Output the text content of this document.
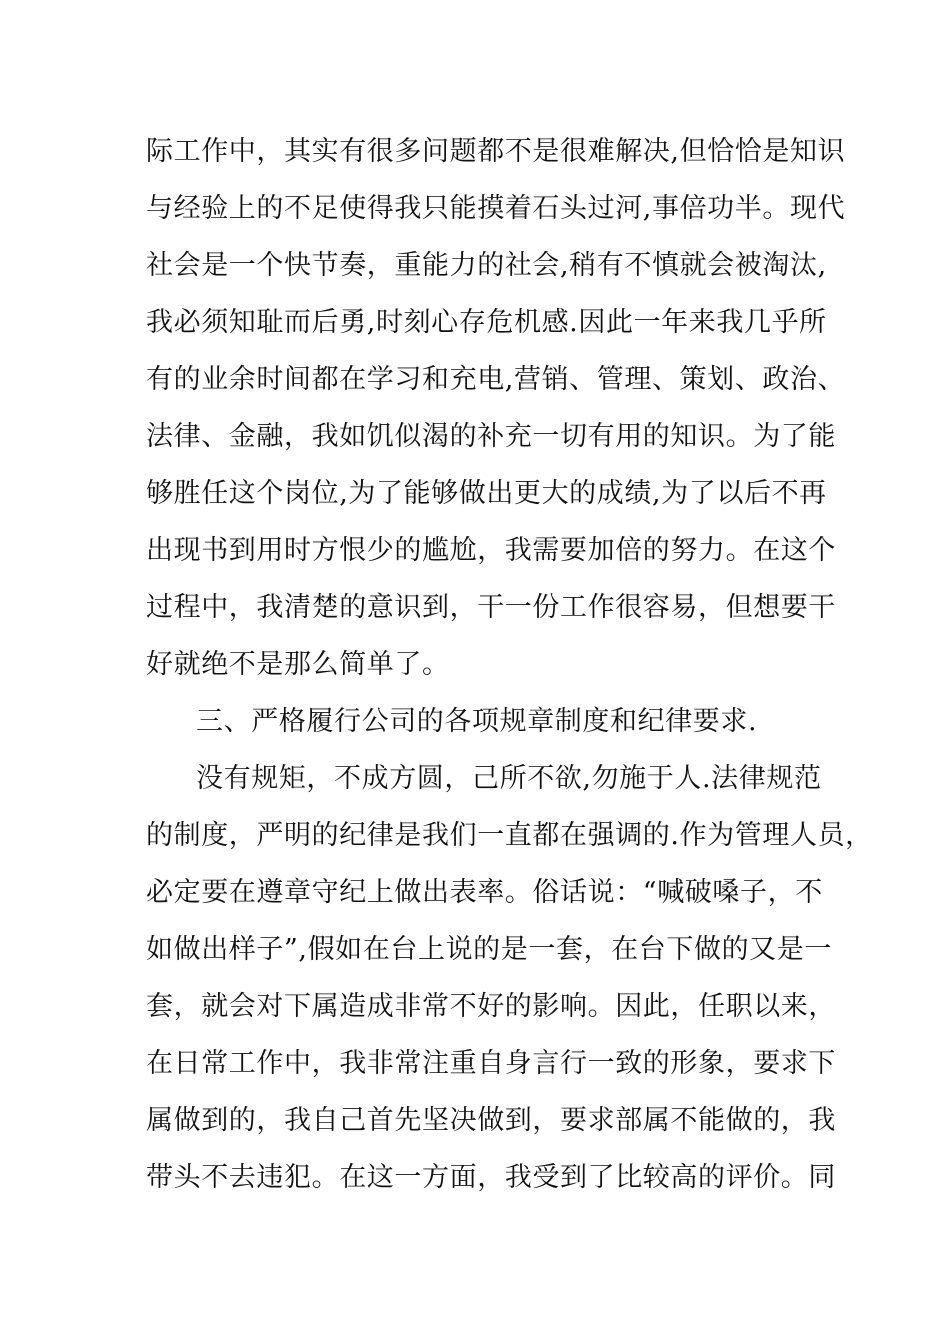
际工作中，其实有很多问题都不是很难解决,但恰恰是知识
与经验上的不足使得我只能摸着石头过河,事倍功半。现代
社会是一个快节奏，重能力的社会,稍有不慎就会被淘汰,
我必须知耻而后勇,时刻心存危机感.因此一年来我几乎所
有的业余时间都在学习和充电,营销、管理、策划、政治、
法律、金融，我如饥似渴的补充一切有用的知识。为了能
够胜任这个岗位,为了能够做出更大的成绩,为了以后不再
出现书到用时方恨少的尴尬，我需要加倍的努力。在这个
过程中，我清楚的意识到，干一份工作很容易，但想要干
好就绝不是那么简单了。
三、严格履行公司的各项规章制度和纪律要求.
没有规矩，不成方圆，己所不欲,勿施于人.法律规范
的制度，严明的纪律是我们一直都在强调的.作为管理人员，
必定要在遵章守纪上做出表率。俗话说：“喊破嗓子，不
如做出样子”,假如在台上说的是一套，在台下做的又是一
套，就会对下属造成非常不好的影响。因此，任职以来，
在日常工作中，我非常注重自身言行一致的形象，要求下
属做到的，我自己首先坚决做到，要求部属不能做的，我
带头不去违犯。在这一方面，我受到了比较高的评价。同
